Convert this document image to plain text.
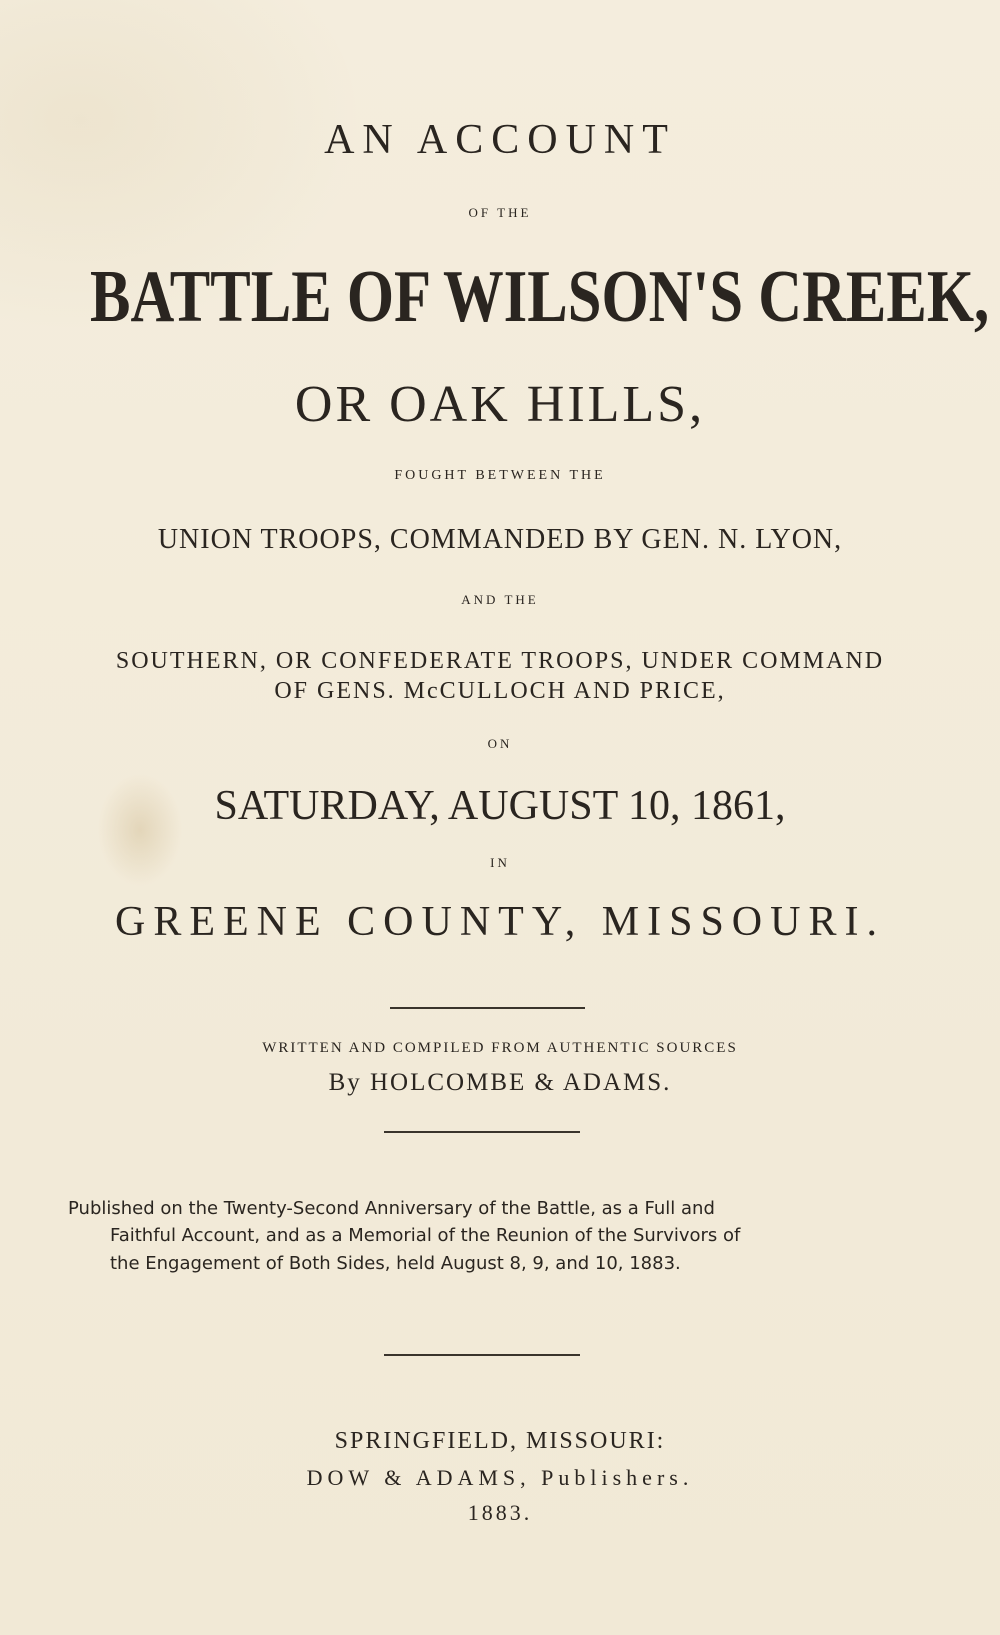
AN ACCOUNT
OF THE
BATTLE OF WILSON'S CREEK,
OR OAK HILLS,
FOUGHT BETWEEN THE
UNION TROOPS, COMMANDED BY GEN. N. LYON,
AND THE
SOUTHERN, OR CONFEDERATE TROOPS, UNDER COMMAND
OF GENS. McCULLOCH AND PRICE,
ON
SATURDAY, AUGUST 10, 1861,
IN
GREENE COUNTY, MISSOURI.
WRITTEN AND COMPILED FROM AUTHENTIC SOURCES
By HOLCOMBE & ADAMS.
Published on the Twenty-Second Anniversary of the Battle, as a Full and
Faithful Account, and as a Memorial of the Reunion of the Survivors of
the Engagement of Both Sides, held August 8, 9, and 10, 1883.
SPRINGFIELD, MISSOURI:
DOW & ADAMS, Publishers.
1883.
